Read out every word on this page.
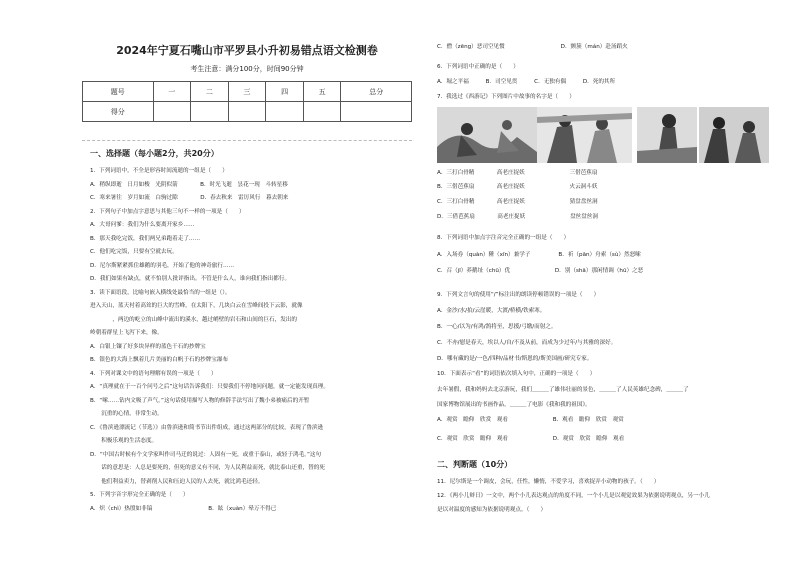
2024年宁夏石嘴山市平罗县小升初易错点语文检测卷
考生注意：满分100分，时间90分钟
题号	一	二	三	四	五	总分
得分						
一、选择题（每小题2分，共20分）
1．下列词语中，不全是形容时间流逝的一组是（　　）
A．稍纵即逝　日月如梭　光阴似箭　　　　B．时光飞逝　昙花一现　斗转星移
C．寒来暑往　岁月如流　白驹过隙　　　　D．春去秋来　雷厉风行　暮去朝来
2．下列句子中加点字意思与其他三句不一样的一项是（　　）
A．大哥问爹：我们为什么要离开家乡……
B．那天我吃完饭，我们两兄弟跑着走了……
C．他们吃完饭，只要有空就去玩。
D．尼尔斯紧紧抓住雄鹅的羽毛，开始了他的神奇旅行……
D．我们如果有缺点，就不怕别人批评指出。不管是什么人，谁向我们指出都行。
3．读下面语段，比喻句嵌入横线处最恰当的一组是（）。
进入天山，蓝天衬着高耸的巨大的雪峰，在太阳下，几块白云在雪峰间投下云影，就像
　　　　，两边的屹立的山峰中流出的溪水，越过峭壁的岩石和山间的巨石，发出的
岭朝着群星上飞泻下来，像。
A．白银上镶了好多块异样的蓝色干石的抄牌宝
B．银色的大海上飘着几片美丽的白帆于石的抄牌宝瀑布
4．下列对课文中的语句理解有误的一项是（　　）
A．“真理就在于一百个问号之后”这句话告诉我们：只要我们不停地问问题，就一定能发现真理。
B．“嗦……钻内文吸了声气。”这句话使用描写人物的修辞手法写出了魏小弟被痛后的开暂
　　沉重的心情，非常生动。
C．《鲁滨逊漂流记（节选）》由鲁滨逊和简书节出件组成，通过这两部分的比较，表现了鲁滨逊
　　积极乐观的生活态度。
D．“中国古时候有个文学家叫作司马迁的说过：人固有一死，或重于泰山，或轻于鸿毛。”这句
　　话的意思是：人总是要死的，但死的意义有不同，为人民利益而死，就比泰山还重，替的死
　　他们利益卖力，替剥削人民和压迫人民的人去死，就比鸿毛还轻。
5．下列字音字形完全正确的是（　　）
A．炽（chì）热殷如非镐　　　　　　　　　　B．眩（xuàn）晕万不得已
C．僧（zēng）恶司空见惯　　　　　　　　　　D．颤簇（mán）赴汤蹈火
6．下列词语中正确的是（　　）
A．堀之平福　　　B．司空见贯　　　C．无独有偶　　　D．死的其所
7．我选过《西游记》下列图片中故事的名字是（　　）
A．三打白骨精　　　　高老庄捉妖　　　　　　　　三借芭蕉扇
B．三借芭蕉扇　　　　高老庄捉妖　　　　　　　　火云洞斗妖
C．三打白骨精　　　　高老庄捉妖　　　　　　　　猜盘盘丝洞
D．三借芭蕉扇　　　　高老庄捉妖　　　　　　　　盘丝盘丝洞
8．下列词语中加点字注音完全正确的一组是（　　）
A．入场券（quàn）陲（xīn）兼学子　　　　　B．祈（pān）舟索（sù）然怒嗦
C．召（jī）养鹅址（chū）优　　　　　　　　D．别（shā）那闲情调（hū）之恶
9．下列文言句的使用“/”标注出的朗读停顿错误的一项是（　　）
A．金沙/水/拍/云崖暖，大渡/桥横/铁索寒。
B．一心/以为/有鸿/鹄将至，思援/弓缴/而射之。
C．不亦/慰是春天，埃以人/自/不及从前，而成为少过年/与其雅的深好。
D．哪有藏的是/一色/四种/品材书/斯恩的/斯美国画/研究专家。
10．下面表示“看”的词语依次填入句中，正确的一项是（　　）
去年暑假，我和妈妈去北京游玩，我们＿＿＿了雄伟壮丽的景色，＿＿＿了人民英雄纪念碑，＿＿＿了
国家博物馆展出的书画作品，＿＿＿了电影《我和我的祖国》。
A．观赏　瞻仰　欣赏　观看　　　　　　　　B．观看　瞻仰　欣赏　观赏
C．观赏　欣赏　瞻仰　观看　　　　　　　　D．观赏　欣赏　瞻仰　观看
二、判断题（10分）
11．尼尔斯是一个调皮，会玩，任性，懒惰，不爱学习，喜欢捉弄小动物的孩子。（　　）
12．《两小儿辩日》一文中，两个小儿表达观点的角度不同，一个小儿是以观觉效果为依据说明观点，另一小儿
是以对温度的感知为依据说明观点。（　　）
